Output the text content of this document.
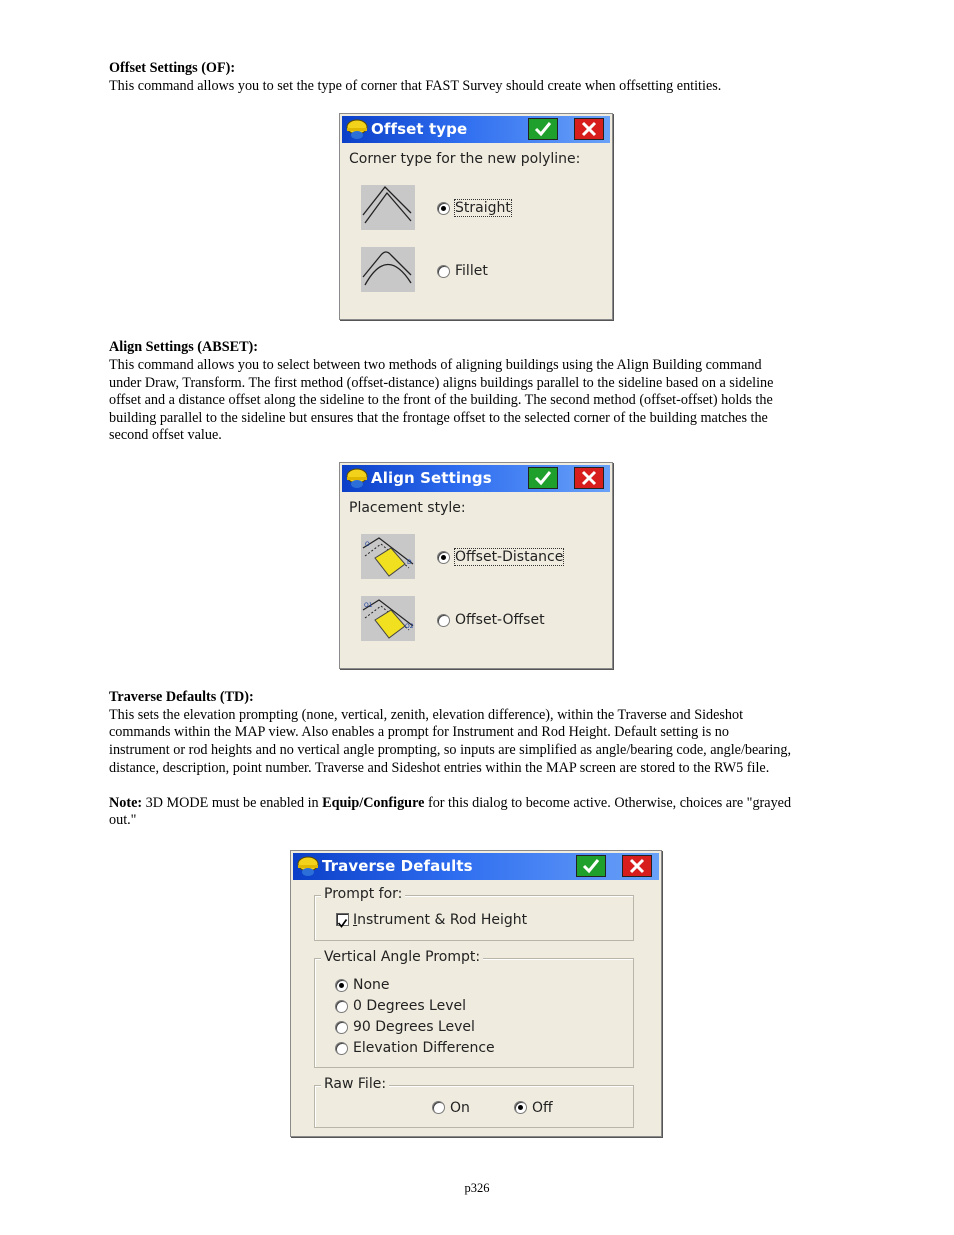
Offset Settings (OF):
This command allows you to set the type of corner that FAST Survey should create when offsetting entities.
Offset type
Corner type for the new polyline:
Straight
Fillet
Align Settings (ABSET):
This command allows you to select between two methods of aligning buildings using the Align Building command
under Draw, Transform. The first method (offset-distance) aligns buildings parallel to the sideline based on a sideline
offset and a distance offset along the sideline to the front of the building. The second method (offset-offset) holds the
building parallel to the sideline but ensures that the frontage offset to the selected corner of the building matches the
second offset value.
Align Settings
Placement style:
O
D	Offset-Distance
O1
O2	Offset-Offset
Traverse Defaults (TD):
This sets the elevation prompting (none, vertical, zenith, elevation difference), within the Traverse and Sideshot
commands within the MAP view. Also enables a prompt for Instrument and Rod Height. Default setting is no
instrument or rod heights and no vertical angle prompting, so inputs are simplified as angle/bearing code, angle/bearing,
distance, description, point number. Traverse and Sideshot entries within the MAP screen are stored to the RW5 file.
Note: 3D MODE must be enabled in Equip/Configure for this dialog to become active. Otherwise, choices are "grayed
out."
Traverse Defaults
Prompt for:
Instrument & Rod Height
Vertical Angle Prompt:
None
0 Degrees Level
90 Degrees Level
Elevation Difference
Raw File:
On	Off
p326
